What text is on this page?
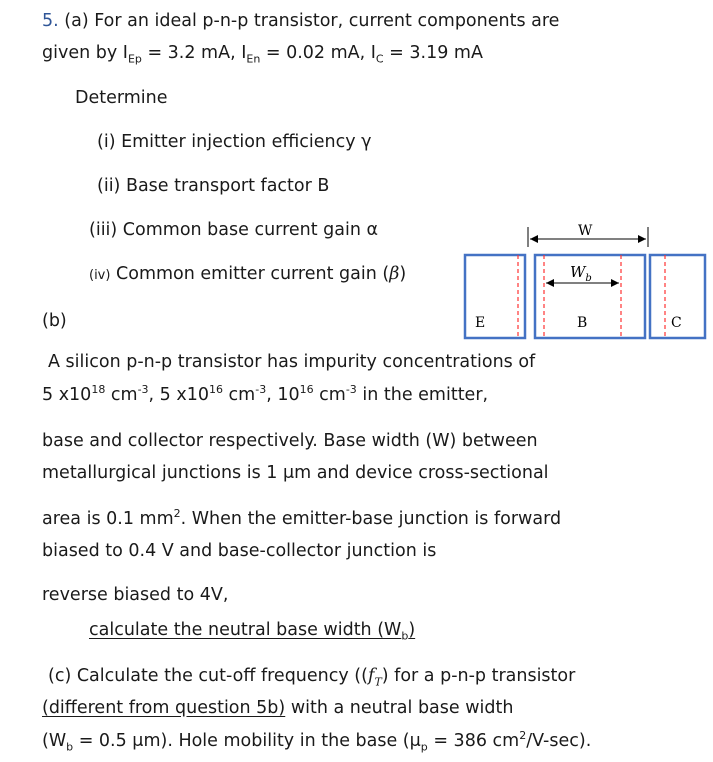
5. (a) For an ideal p-n-p transistor, current components are
given by $I_{Ep} = 3.2$ mA, $I_{En} = 0.02$ mA, $I_C = 3.19$ mA
Determine
(i) Emitter injection efficiency γ
(ii) Base transport factor B
(iii) Common base current gain α
(iv) Common emitter current gain (β)
(b)
A silicon p-n-p transistor has impurity concentrations of
5 $x10^{18}$ $cm^{-3}$, 5 $x10^{16}$ $cm^{-3}$, $10^{16}$ $cm^{-3}$ in the emitter,
base and collector respectively. Base width (W) between
metallurgical junctions is 1 μm and device cross-sectional
area is 0.1 $mm^2$. When the emitter-base junction is forward
biased to 0.4 V and base-collector junction is
reverse biased to 4V,
calculate the neutral base width $(W_b)$
(c) Calculate the cut-off frequency ($(f_T)$ for a p-n-p transistor
(different from question 5b) with a neutral base width
($W_b = 0.5$ μm). Hole mobility in the base ($\mu_p = 386$ $cm^2/V-\sec$).
W
$W_b$
E	B	C
